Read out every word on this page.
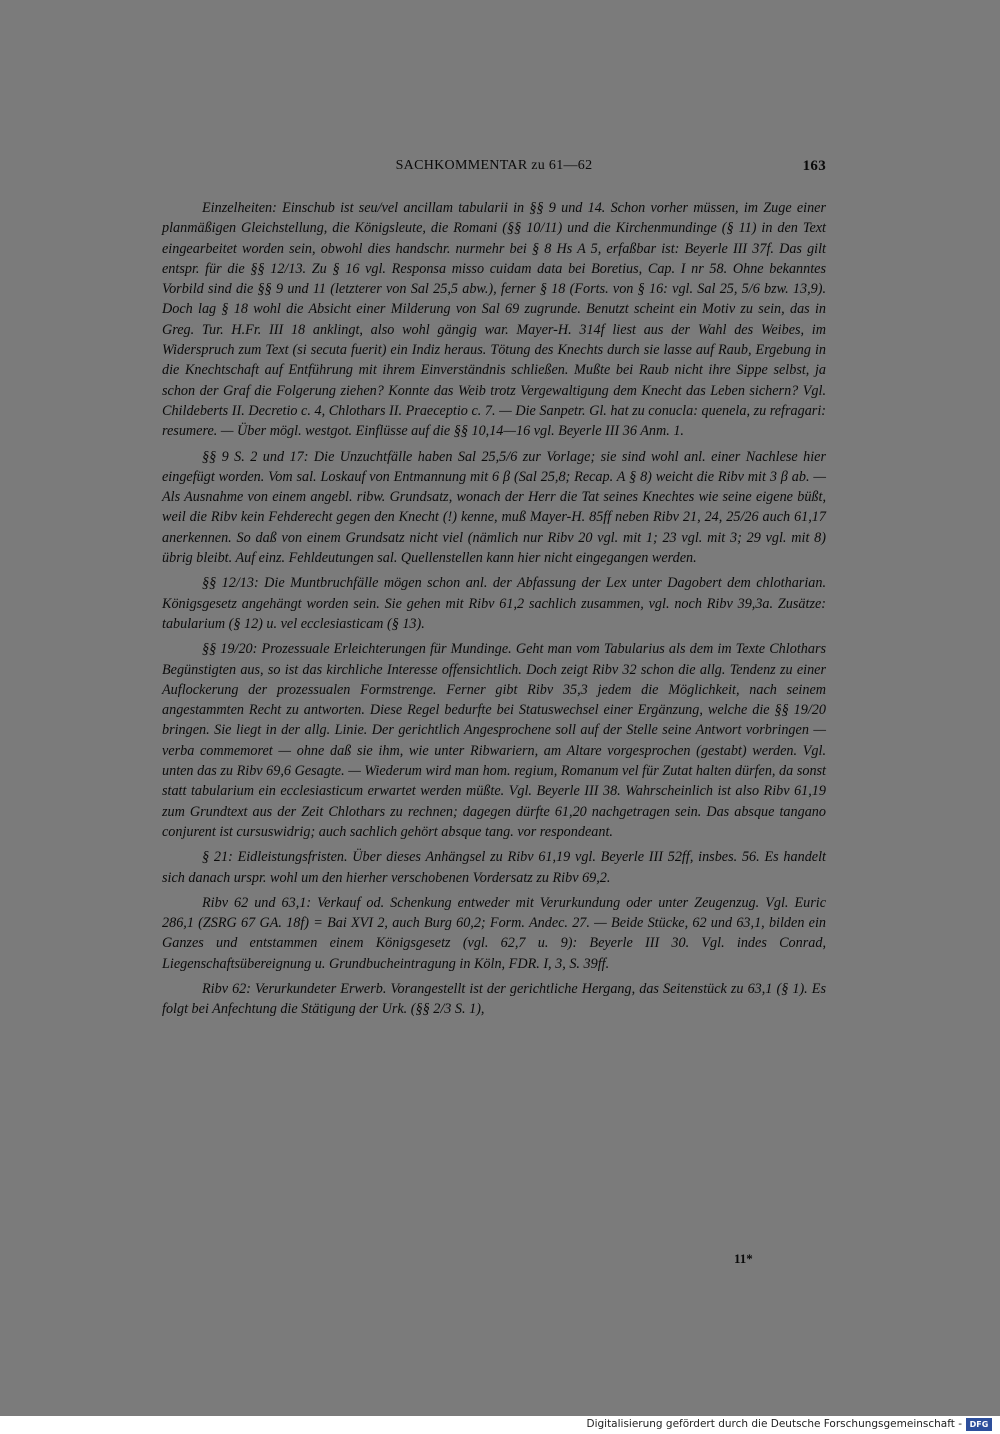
SACHKOMMENTAR zu 61—62	163

Einzelheiten: Einschub ist seu/vel ancillam tabularii in §§ 9 und 14. Schon vorher müssen, im Zuge einer planmäßigen Gleichstellung, die Königsleute, die Romani (§§ 10/11) und die Kirchenmundinge (§ 11) in den Text eingearbeitet worden sein, obwohl dies handschr. nurmehr bei § 8 Hs A 5, erfaßbar ist: Beyerle III 37f. Das gilt entspr. für die §§ 12/13. Zu § 16 vgl. Responsa misso cuidam data bei Boretius, Cap. I nr 58. Ohne bekanntes Vorbild sind die §§ 9 und 11 (letzterer von Sal 25,5 abw.), ferner § 18 (Forts. von § 16: vgl. Sal 25, 5/6 bzw. 13,9). Doch lag § 18 wohl die Absicht einer Milderung von Sal 69 zugrunde. Benutzt scheint ein Motiv zu sein, das in Greg. Tur. H.Fr. III 18 anklingt, also wohl gängig war. Mayer-H. 314f liest aus der Wahl des Weibes, im Widerspruch zum Text (si secuta fuerit) ein Indiz heraus. Tötung des Knechts durch sie lasse auf Raub, Ergebung in die Knechtschaft auf Entführung mit ihrem Einverständnis schließen. Mußte bei Raub nicht ihre Sippe selbst, ja schon der Graf die Folgerung ziehen? Konnte das Weib trotz Vergewaltigung dem Knecht das Leben sichern? Vgl. Childeberts II. Decretio c. 4, Chlothars II. Praeceptio c. 7. — Die Sanpetr. Gl. hat zu conucla: quenela, zu refragari: resumere. — Über mögl. westgot. Einflüsse auf die §§ 10,14—16 vgl. Beyerle III 36 Anm. 1.

§§ 9 S. 2 und 17: Die Unzuchtfälle haben Sal 25,5/6 zur Vorlage; sie sind wohl anl. einer Nachlese hier eingefügt worden. Vom sal. Loskauf von Entmannung mit 6 β (Sal 25,8; Recap. A § 8) weicht die Ribv mit 3 β ab. — Als Ausnahme von einem angebl. ribw. Grundsatz, wonach der Herr die Tat seines Knechtes wie seine eigene büßt, weil die Ribv kein Fehderecht gegen den Knecht (!) kenne, muß Mayer-H. 85ff neben Ribv 21, 24, 25/26 auch 61,17 anerkennen. So daß von einem Grundsatz nicht viel (nämlich nur Ribv 20 vgl. mit 1; 23 vgl. mit 3; 29 vgl. mit 8) übrig bleibt. Auf einz. Fehldeutungen sal. Quellenstellen kann hier nicht eingegangen werden.

§§ 12/13: Die Muntbruchfälle mögen schon anl. der Abfassung der Lex unter Dagobert dem chlotharian. Königsgesetz angehängt worden sein. Sie gehen mit Ribv 61,2 sachlich zusammen, vgl. noch Ribv 39,3a. Zusätze: tabularium (§ 12) u. vel ecclesiasticam (§ 13).

§§ 19/20: Prozessuale Erleichterungen für Mundinge. Geht man vom Tabularius als dem im Texte Chlothars Begünstigten aus, so ist das kirchliche Interesse offensichtlich. Doch zeigt Ribv 32 schon die allg. Tendenz zu einer Auflockerung der prozessualen Formstrenge. Ferner gibt Ribv 35,3 jedem die Möglichkeit, nach seinem angestammten Recht zu antworten. Diese Regel bedurfte bei Statuswechsel einer Ergänzung, welche die §§ 19/20 bringen. Sie liegt in der allg. Linie. Der gerichtlich Angesprochene soll auf der Stelle seine Antwort vorbringen — verba commemoret — ohne daß sie ihm, wie unter Ribwariern, am Altare vorgesprochen (gestabt) werden. Vgl. unten das zu Ribv 69,6 Gesagte. — Wiederum wird man hom. regium, Romanum vel für Zutat halten dürfen, da sonst statt tabularium ein ecclesiasticum erwartet werden müßte. Vgl. Beyerle III 38. Wahrscheinlich ist also Ribv 61,19 zum Grundtext aus der Zeit Chlothars zu rechnen; dagegen dürfte 61,20 nachgetragen sein. Das absque tangano conjurent ist cursuswidrig; auch sachlich gehört absque tang. vor respondeant.

§ 21: Eidleistungsfristen. Über dieses Anhängsel zu Ribv 61,19 vgl. Beyerle III 52ff, insbes. 56. Es handelt sich danach urspr. wohl um den hierher verschobenen Vordersatz zu Ribv 69,2.

Ribv 62 und 63,1: Verkauf od. Schenkung entweder mit Verurkundung oder unter Zeugenzug. Vgl. Euric 286,1 (ZSRG 67 GA. 18f) = Bai XVI 2, auch Burg 60,2; Form. Andec. 27. — Beide Stücke, 62 und 63,1, bilden ein Ganzes und entstammen einem Königsgesetz (vgl. 62,7 u. 9): Beyerle III 30. Vgl. indes Conrad, Liegenschaftsübereignung u. Grundbucheintragung in Köln, FDR. I, 3, S. 39ff.

Ribv 62: Verurkundeter Erwerb. Vorangestellt ist der gerichtliche Hergang, das Seitenstück zu 63,1 (§ 1). Es folgt bei Anfechtung die Stätigung der Urk. (§§ 2/3 S. 1),

11*
Digitalisierung gefördert durch die Deutsche Forschungsgemeinschaft - DFG
